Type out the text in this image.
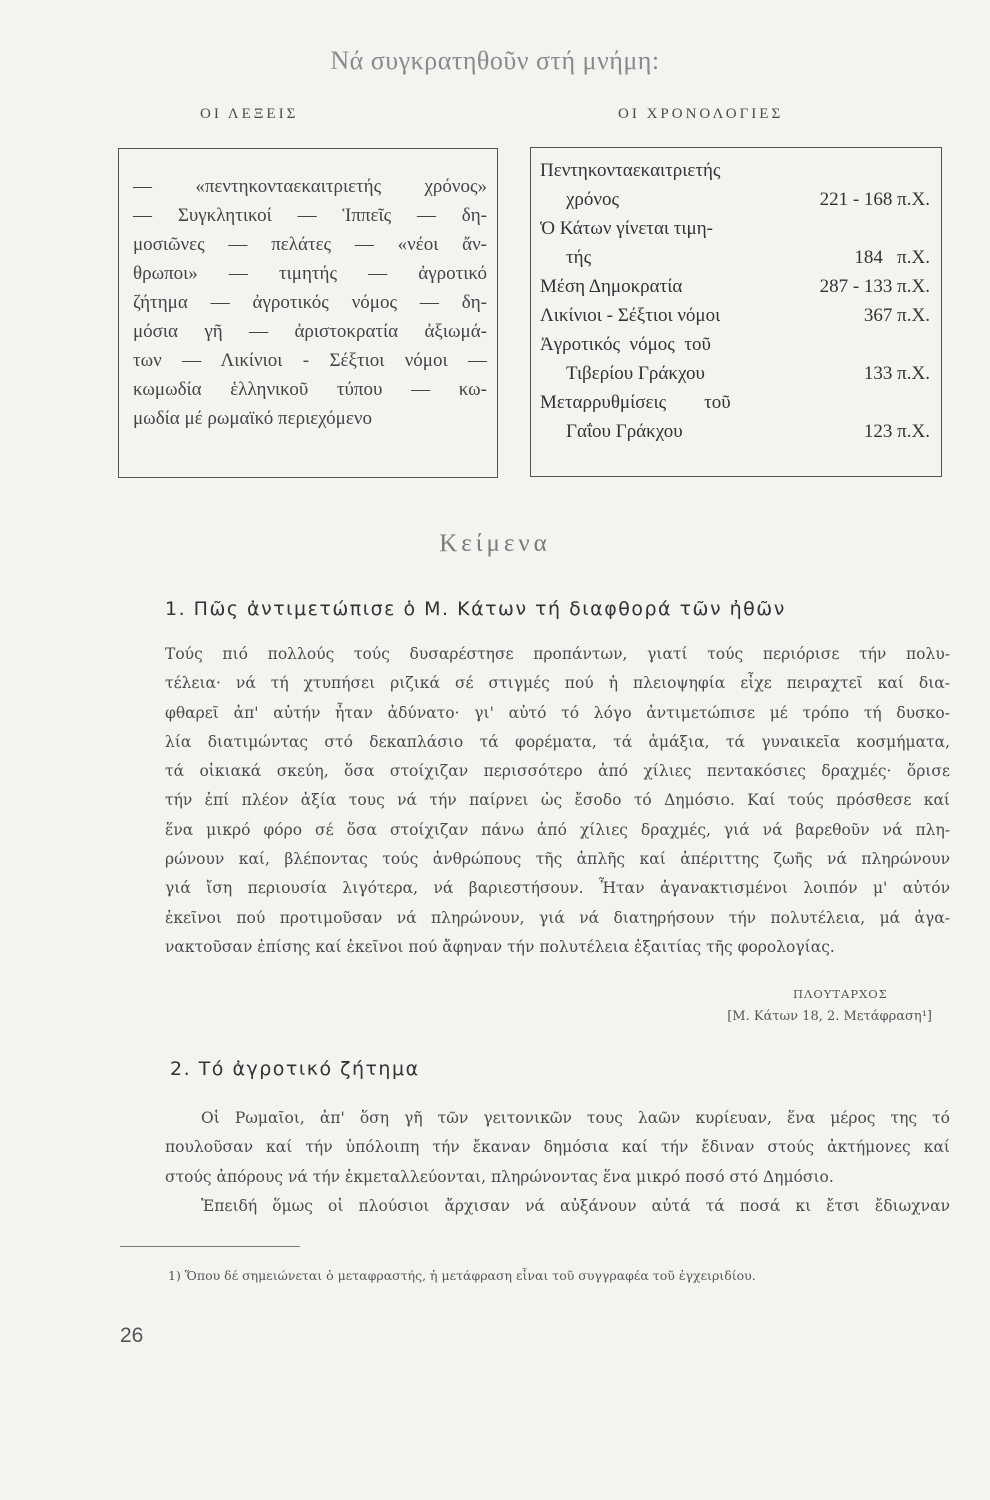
Νά συγκρατηθοῦν στή μνήμη:
ΟΙ ΛΕΞΕΙΣ	ΟΙ ΧΡΟΝΟΛΟΓΙΕΣ
— «πεντηκονταεκαιτριετής χρόνος»
— Συγκλητικοί — Ἱππεῖς — δη-
μοσιῶνες — πελάτες — «νέοι ἄν-
θρωποι» — τιμητής — ἀγροτικό
ζήτημα — ἀγροτικός νόμος — δη-
μόσια γῆ — ἀριστοκρατία ἀξιωμά-
των — Λικίνιοι - Σέξτιοι νόμοι —
κωμωδία ἑλληνικοῦ τύπου — κω-
μωδία μέ ρωμαϊκό περιεχόμενο
Πεντηκονταεκαιτριετής
χρόνος	221 - 168 π.Χ.
Ὁ Κάτων γίνεται τιμη-
τής	184   π.Χ.
Μέση Δημοκρατία	287 - 133 π.Χ.
Λικίνιοι - Σέξτιοι νόμοι	367 π.Χ.
Ἀγροτικός  νόμος  τοῦ
Τιβερίου Γράκχου	133 π.Χ.
Μεταρρυθμίσεις        τοῦ
Γαΐου Γράκχου	123 π.Χ.
Κείμενα
1. Πῶς ἀντιμετώπισε ὁ Μ. Κάτων τή διαφθορά τῶν ἠθῶν
Τούς πιό πολλούς τούς δυσαρέστησε προπάντων, γιατί τούς περιόρισε τήν πολυ-
τέλεια· νά τή χτυπήσει ριζικά σέ στιγμές πού ἡ πλειοψηφία εἶχε πειραχτεῖ καί δια-
φθαρεῖ ἀπ' αὐτήν ἦταν ἀδύνατο· γι' αὐτό τό λόγο ἀντιμετώπισε μέ τρόπο τή δυσκο-
λία διατιμώντας στό δεκαπλάσιο τά φορέματα, τά ἁμάξια, τά γυναικεῖα κοσμήματα,
τά οἰκιακά σκεύη, ὅσα στοίχιζαν περισσότερο ἀπό χίλιες πεντακόσιες δραχμές· ὅρισε
τήν ἐπί πλέον ἀξία τους νά τήν παίρνει ὡς ἔσοδο τό Δημόσιο. Καί τούς πρόσθεσε καί
ἕνα μικρό φόρο σέ ὅσα στοίχιζαν πάνω ἀπό χίλιες δραχμές, γιά νά βαρεθοῦν νά πλη-
ρώνουν καί, βλέποντας τούς ἀνθρώπους τῆς ἁπλῆς καί ἀπέριττης ζωῆς νά πληρώνουν
γιά ἴση περιουσία λιγότερα, νά βαριεστήσουν. Ἦταν ἀγανακτισμένοι λοιπόν μ' αὐτόν
ἐκεῖνοι πού προτιμοῦσαν νά πληρώνουν, γιά νά διατηρήσουν τήν πολυτέλεια, μά ἀγα-
νακτοῦσαν ἐπίσης καί ἐκεῖνοι πού ἄφηναν τήν πολυτέλεια ἐξαιτίας τῆς φορολογίας.
ΠΛΟΥΤΑΡΧΟΣ
[Μ. Κάτων 18, 2. Μετάφραση¹]
2. Τό ἀγροτικό ζήτημα
Οἱ Ρωμαῖοι, ἀπ' ὅση γῆ τῶν γειτονικῶν τους λαῶν κυρίευαν, ἕνα μέρος της τό
πουλοῦσαν καί τήν ὑπόλοιπη τήν ἔκαναν δημόσια καί τήν ἔδιναν στούς ἀκτήμονες καί
στούς ἀπόρους νά τήν ἐκμεταλλεύονται, πληρώνοντας ἕνα μικρό ποσό στό Δημόσιο.
Ἐπειδή ὅμως οἱ πλούσιοι ἄρχισαν νά αὐξάνουν αὐτά τά ποσά κι ἔτσι ἔδιωχναν
1) Ὅπου δέ σημειώνεται ὁ μεταφραστής, ἡ μετάφραση εἶναι τοῦ συγγραφέα τοῦ ἐγχειριδίου.
26
